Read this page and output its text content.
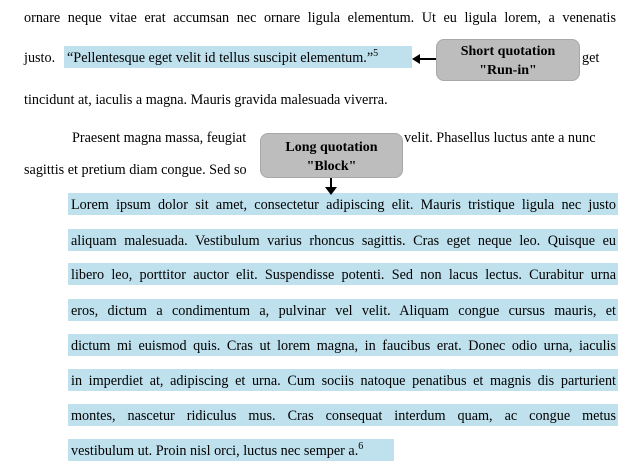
ornare neque vitae erat accumsan nec ornare ligula elementum. Ut eu ligula lorem, a venenatis
justo. “Pellentesque eget velit id tellus suscipit elementum.”$^5$	get
tincidunt at, iaculis a magna. Mauris gravida malesuada viverra.
Praesent magna massa, feugiat	velit. Phasellus luctus ante a nunc
sagittis et pretium diam congue. Sed so
Lorem ipsum dolor sit amet, consectetur adipiscing elit. Mauris tristique ligula nec justo
aliquam malesuada. Vestibulum varius rhoncus sagittis. Cras eget neque leo. Quisque eu
libero leo, porttitor auctor elit. Suspendisse potenti. Sed non lacus lectus. Curabitur urna
eros, dictum a condimentum a, pulvinar vel velit. Aliquam congue cursus mauris, et
dictum mi euismod quis. Cras ut lorem magna, in faucibus erat. Donec odio urna, iaculis
in imperdiet at, adipiscing et urna. Cum sociis natoque penatibus et magnis dis parturient
montes, nascetur ridiculus mus. Cras consequat interdum quam, ac congue metus
vestibulum ut. Proin nisl orci, luctus nec semper a.$^6$
Short quotation
"Run-in"
Long quotation
"Block"
